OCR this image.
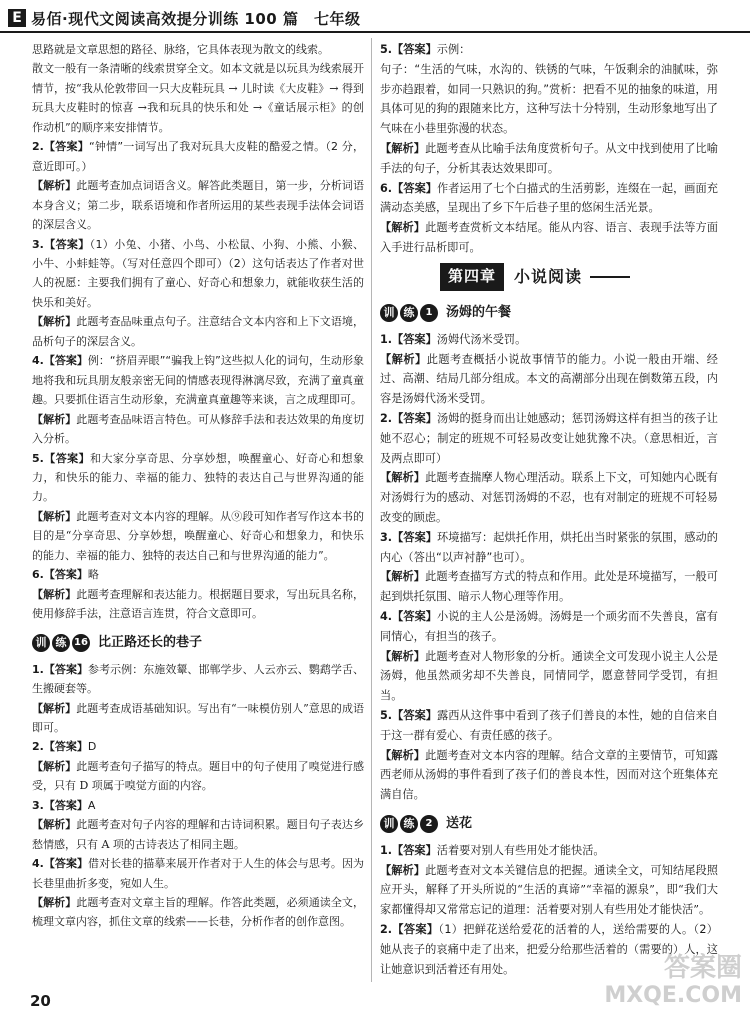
E 易佰·现代文阅读高效提分训练 100 篇　七年级

思路就是文章思想的路径、脉络，它具体表现为散文的线索。

散文一般有一条清晰的线索贯穿全文。如本文就是以玩具为线索展开情节，按“我从伦敦带回一只大皮鞋玩具 → 儿时读《大皮鞋》→ 得到玩具大皮鞋时的惊喜 →我和玩具的快乐和处 →《童话展示柜》的创作动机”的顺序来安排情节。

2.【答案】“钟情”一词写出了我对玩具大皮鞋的酷爱之情。（2 分，意近即可。）

【解析】此题考查加点词语含义。解答此类题目，第一步，分析词语本身含义；第二步，联系语境和作者所运用的某些表现手法体会词语的深层含义。

3.【答案】（1）小兔、小猪、小鸟、小松鼠、小狗、小熊、小猴、小牛、小蚌蛙等。（写对任意四个即可）（2）这句话表达了作者对世人的祝愿：主要我们拥有了童心、好奇心和想象力，就能收获生活的快乐和美好。

【解析】此题考查品味重点句子。注意结合文本内容和上下文语境，品析句子的深层含义。

4.【答案】例：“挤眉弄眼”“骗我上钩”这些拟人化的词句，生动形象地将我和玩具朋友般亲密无间的情感表现得淋漓尽致，充满了童真童趣。只要抓住语言生动形象，充满童真童趣等来谈，言之成理即可。

【解析】此题考查品味语言特色。可从修辞手法和表达效果的角度切入分析。

5.【答案】和大家分享奇思、分享妙想，唤醒童心、好奇心和想象力，和快乐的能力、幸福的能力、独特的表达自己与世界沟通的能力。

【解析】此题考查对文本内容的理解。从⑨段可知作者写作这本书的目的是“分享奇思、分享妙想，唤醒童心、好奇心和想象力，和快乐的能力、幸福的能力、独特的表达自己和与世界沟通的能力”。

6.【答案】略

【解析】此题考查理解和表达能力。根据题目要求，写出玩具名称，使用修辞手法，注意语言连贯，符合文意即可。

训 练 16 比正路还长的巷子

1.【答案】参考示例：东施效颦、邯郸学步、人云亦云、鹦鹉学舌、生搬硬套等。

【解析】此题考查成语基础知识。写出有“一味模仿别人”意思的成语即可。

2.【答案】D

【解析】此题考查句子描写的特点。题目中的句子使用了嗅觉进行感受，只有 D 项属于嗅觉方面的内容。

3.【答案】A

【解析】此题考查对句子内容的理解和古诗词积累。题目句子表达乡愁情感，只有 A 项的古诗表达了相同主题。

4.【答案】借对长巷的描摹来展开作者对于人生的体会与思考。因为长巷里曲折多变，宛如人生。

【解析】此题考查对文章主旨的理解。作答此类题，必须通读全文，梳理文章内容，抓住文章的线索——长巷，分析作者的创作意图。

5.【答案】示例：

句子：“生活的气味，水沟的、铁锈的气味，午饭剩余的油腻味，弥步亦趋跟着，如同一只熟识的狗。”赏析：把看不见的抽象的味道，用具体可见的狗的跟随来比方，这种写法十分特别，生动形象地写出了气味在小巷里弥漫的状态。

【解析】此题考查从比喻手法角度赏析句子。从文中找到使用了比喻手法的句子，分析其表达效果即可。

6.【答案】作者运用了七个白描式的生活剪影，连缀在一起，画面充满动态美感，呈现出了乡下午后巷子里的悠闲生活光景。

【解析】此题考查赏析文本结尾。能从内容、语言、表现手法等方面入手进行品析即可。

第四章	小说阅读
训 练	1	汤姆的午餐

1.【答案】汤姆代汤米受罚。

【解析】此题考查概括小说故事情节的能力。小说一般由开端、经过、高潮、结局几部分组成。本文的高潮部分出现在倒数第五段，内容是汤姆代汤米受罚。

2.【答案】汤姆的挺身而出让她感动；惩罚汤姆这样有担当的孩子让她不忍心；制定的班规不可轻易改变让她犹豫不决。（意思相近，言及两点即可）

【解析】此题考查揣摩人物心理活动。联系上下文，可知她内心既有对汤姆行为的感动、对惩罚汤姆的不忍，也有对制定的班规不可轻易改变的顾虑。

3.【答案】环境描写：起烘托作用，烘托出当时紧张的氛围，感动的内心（答出“以声衬静”也可）。

【解析】此题考查描写方式的特点和作用。此处是环境描写，一般可起到烘托氛围、暗示人物心理等作用。

4.【答案】小说的主人公是汤姆。汤姆是一个顽劣而不失善良，富有同情心，有担当的孩子。

【解析】此题考查对人物形象的分析。通读全文可发现小说主人公是汤姆，他虽然顽劣却不失善良，同情同学，愿意替同学受罚，有担当。

5.【答案】露西从这件事中看到了孩子们善良的本性，她的自信来自于这一群有爱心、有责任感的孩子。

【解析】此题考查对文本内容的理解。结合文章的主要情节，可知露西老师从汤姆的事件看到了孩子们的善良本性，因而对这个班集体充满自信。

训 练	2	送花

1.【答案】活着要对别人有些用处才能快活。

【解析】此题考查对文本关键信息的把握。通读全文，可知结尾段照应开头，解释了开头所说的“生活的真谛”“幸福的源泉”，即“我们大家都懂得却又常常忘记的道理：活着要对别人有些用处才能快活”。

2.【答案】（1）把鲜花送给爱花的活着的人，送给需要的人。（2）她从丧子的哀痛中走了出来，把爱分给那些活着的（需要的）人，这让她意识到活着还有用处。

20
答案圈
MXQE.COM
